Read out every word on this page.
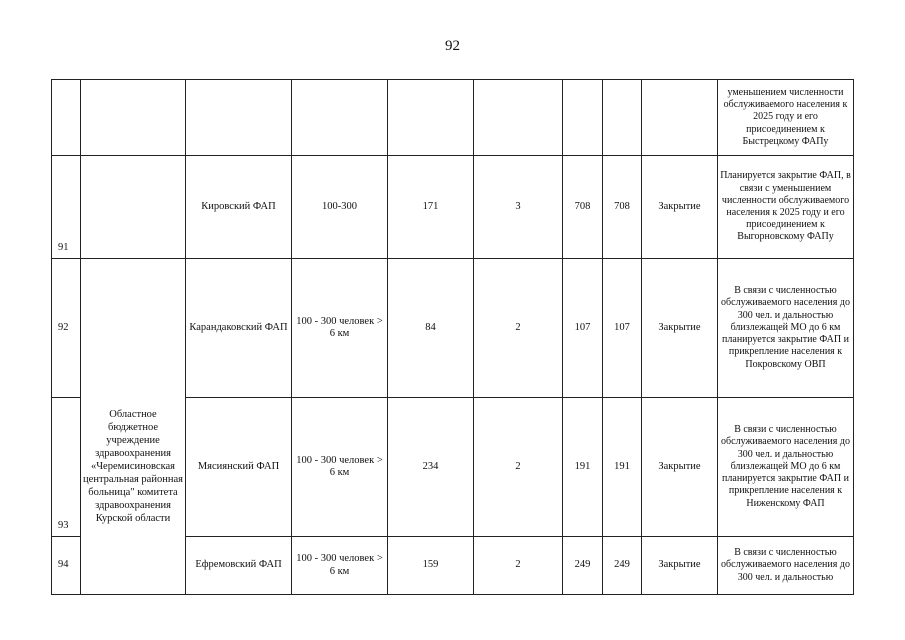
92
									уменьшением численности обслуживаемого населения к 2025 году и его присоединением к Быстрецкому ФАПу
91		Кировский ФАП	100-300	171	3	708	708	Закрытие	Планируется закрытие ФАП, в связи с уменьшением численности обслуживаемого населения к 2025 году и его присоединением к Выгорновскому ФАПу
92	Областное бюджетное учреждение здравоохранения «Черемисиновская центральная районная больница" комитета здравоохранения Курской области	Карандаковский ФАП	100 - 300 человек > 6 км	84	2	107	107	Закрытие	В связи с численностью обслуживаемого населения до 300 чел. и дальностью близлежащей МО до 6 км планируется закрытие ФАП и прикрепление населения к Покровскому ОВП
93		Мясиянский ФАП	100 - 300 человек > 6 км	234	2	191	191	Закрытие	В связи с численностью обслуживаемого населения до 300 чел. и дальностью близлежащей МО до 6 км планируется закрытие ФАП и прикрепление населения к Ниженскому ФАП
94		Ефремовский ФАП	100 - 300 человек > 6 км	159	2	249	249	Закрытие	В связи с численностью обслуживаемого населения до 300 чел. и дальностью
